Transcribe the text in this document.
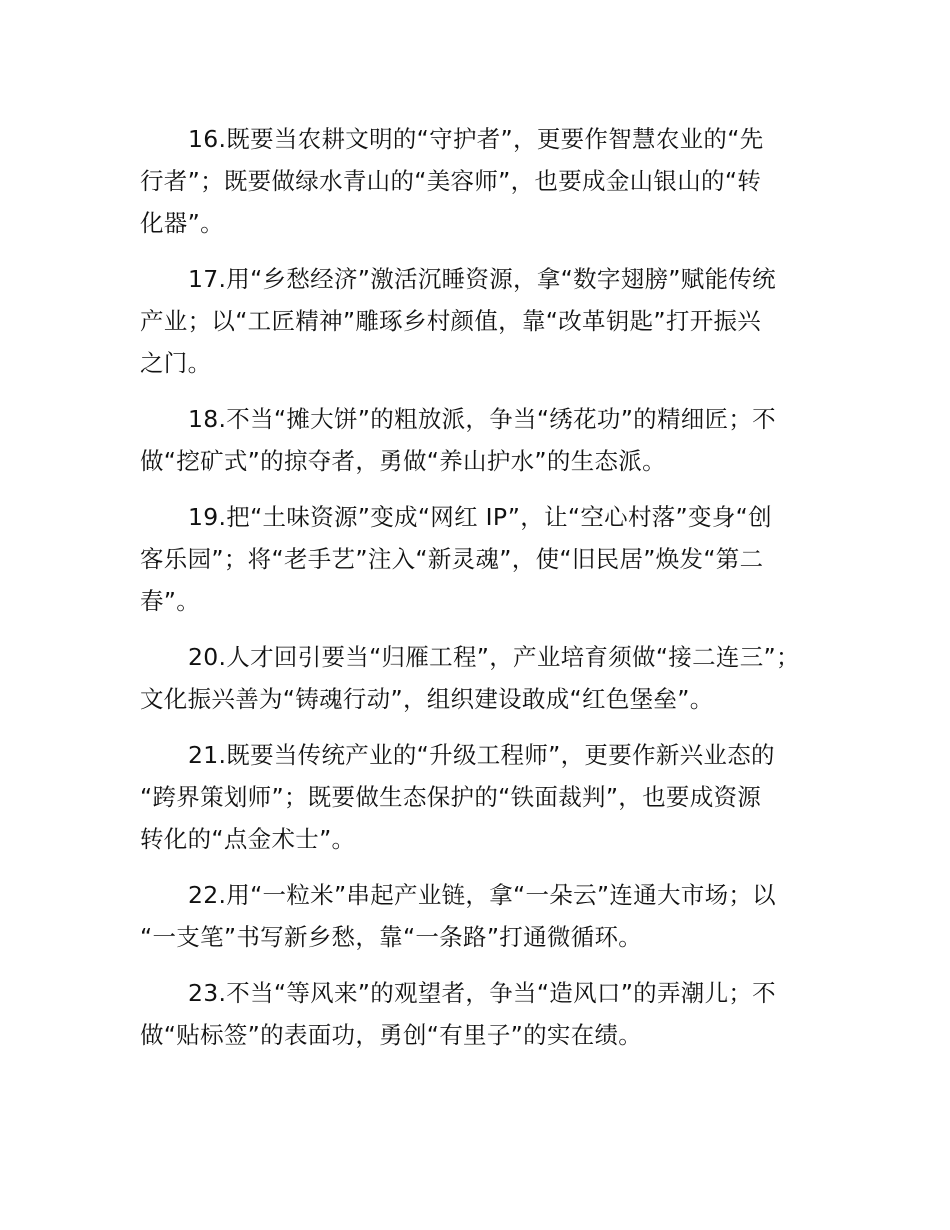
16.既要当农耕文明的“守护者”，更要作智慧农业的“先
行者”；既要做绿水青山的“美容师”，也要成金山银山的“转
化器”。
17.用“乡愁经济”激活沉睡资源，拿“数字翅膀”赋能传统
产业；以“工匠精神”雕琢乡村颜值，靠“改革钥匙”打开振兴
之门。
18.不当“摊大饼”的粗放派，争当“绣花功”的精细匠；不
做“挖矿式”的掠夺者，勇做“养山护水”的生态派。
19.把“土味资源”变成“网红 IP”，让“空心村落”变身“创
客乐园”；将“老手艺”注入“新灵魂”，使“旧民居”焕发“第二
春”。
20.人才回引要当“归雁工程”，产业培育须做“接二连三”；
文化振兴善为“铸魂行动”，组织建设敢成“红色堡垒”。
21.既要当传统产业的“升级工程师”，更要作新兴业态的
“跨界策划师”；既要做生态保护的“铁面裁判”，也要成资源
转化的“点金术士”。
22.用“一粒米”串起产业链，拿“一朵云”连通大市场；以
“一支笔”书写新乡愁，靠“一条路”打通微循环。
23.不当“等风来”的观望者，争当“造风口”的弄潮儿；不
做“贴标签”的表面功，勇创“有里子”的实在绩。
